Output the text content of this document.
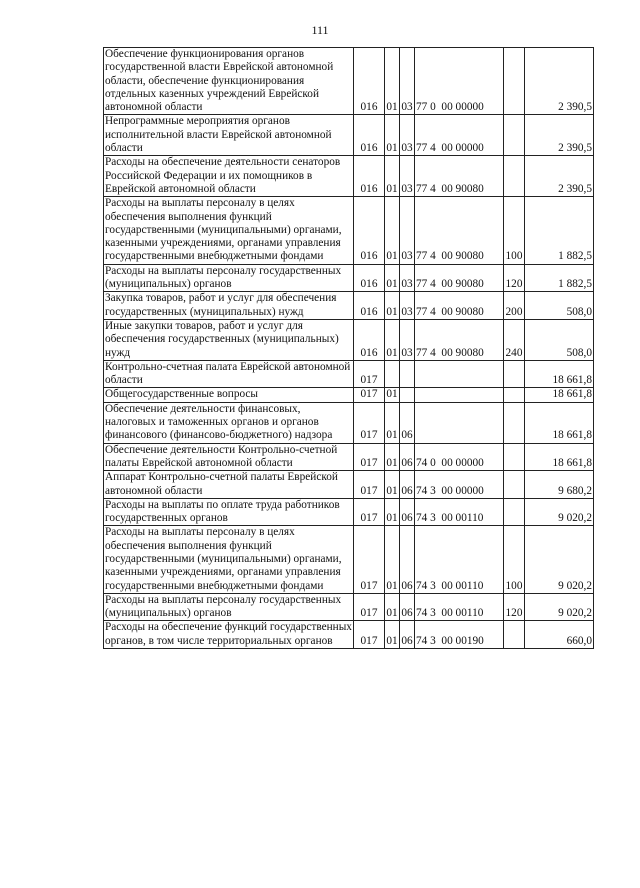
111
Обеспечение функционирования органов государственной власти Еврейской автономной области, обеспечение функционирования отдельных казенных учреждений Еврейской автономной области	016	01	03	77 0  00 00000		2 390,5
Непрограммные мероприятия органов исполнительной власти Еврейской автономной области	016	01	03	77 4  00 00000		2 390,5
Расходы на обеспечение деятельности сенаторов Российской Федерации и их помощников в Еврейской автономной области	016	01	03	77 4  00 90080		2 390,5
Расходы на выплаты персоналу в целях обеспечения выполнения функций государственными (муниципальными) органами, казенными учреждениями, органами управления государственными внебюджетными фондами	016	01	03	77 4  00 90080	100	1 882,5
Расходы на выплаты персоналу государственных (муниципальных) органов	016	01	03	77 4  00 90080	120	1 882,5
Закупка товаров, работ и услуг для обеспечения государственных (муниципальных) нужд	016	01	03	77 4  00 90080	200	508,0
Иные закупки товаров, работ и услуг для обеспечения государственных (муниципальных) нужд	016	01	03	77 4  00 90080	240	508,0
Контрольно-счетная палата Еврейской автономной области	017					18 661,8
Общегосударственные вопросы	017	01				18 661,8
Обеспечение деятельности финансовых, налоговых и таможенных органов и органов финансового (финансово-бюджетного) надзора	017	01	06			18 661,8
Обеспечение деятельности Контрольно-счетной палаты Еврейской автономной области	017	01	06	74 0  00 00000		18 661,8
Аппарат Контрольно-счетной палаты Еврейской автономной области	017	01	06	74 3  00 00000		9 680,2
Расходы на выплаты по оплате труда работников государственных органов	017	01	06	74 3  00 00110		9 020,2
Расходы на выплаты персоналу в целях обеспечения выполнения функций государственными (муниципальными) органами, казенными учреждениями, органами управления государственными внебюджетными фондами	017	01	06	74 3  00 00110	100	9 020,2
Расходы на выплаты персоналу государственных (муниципальных) органов	017	01	06	74 3  00 00110	120	9 020,2
Расходы на обеспечение функций государственных органов, в том числе территориальных органов	017	01	06	74 3  00 00190		660,0
